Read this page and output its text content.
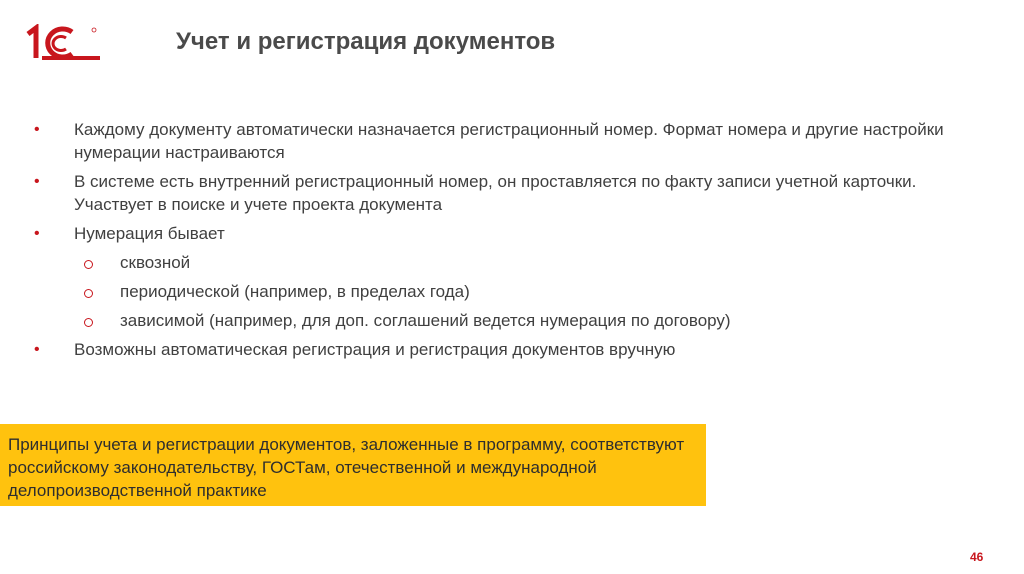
Учет и регистрация документов
• Каждому документу автоматически назначается регистрационный номер. Формат номера и другие настройки нумерации настраиваются
• В системе есть внутренний регистрационный номер, он проставляется по факту записи учетной карточки. Участвует в поиске и учете проекта документа
• Нумерация бывает
сквозной
периодической (например, в пределах года)
зависимой (например, для доп. соглашений ведется нумерация по договору)
• Возможны автоматическая регистрация и регистрация документов вручную
Принципы учета и регистрации документов, заложенные в программу, соответствуют российскому законодательству, ГОСТам, отечественной и международной делопроизводственной практике
46
